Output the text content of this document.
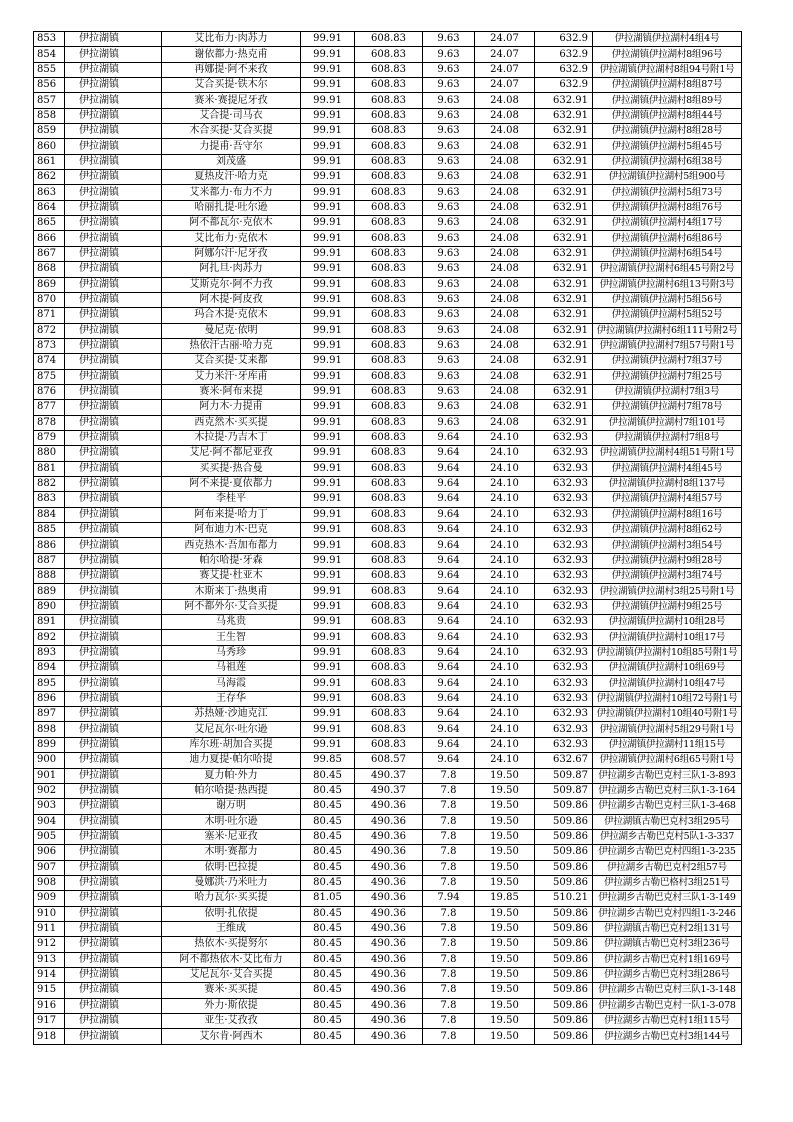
853	伊拉湖镇	艾比布力·肉苏力	99.91	608.83	9.63	24.07	632.9	伊拉湖镇伊拉湖村4组4号
854	伊拉湖镇	谢依都力·热克甫	99.91	608.83	9.63	24.07	632.9	伊拉湖镇伊拉湖村8组96号
855	伊拉湖镇	再娜提·阿不来孜	99.91	608.83	9.63	24.07	632.9	伊拉湖镇伊拉湖村8组94号附1号
856	伊拉湖镇	艾合买提·铁木尔	99.91	608.83	9.63	24.07	632.9	伊拉湖镇伊拉湖村8组87号
857	伊拉湖镇	赛米·赛提尼牙孜	99.91	608.83	9.63	24.08	632.91	伊拉湖镇伊拉湖村8组89号
858	伊拉湖镇	艾合提·司马衣	99.91	608.83	9.63	24.08	632.91	伊拉湖镇伊拉湖村8组44号
859	伊拉湖镇	木合买提·艾合买提	99.91	608.83	9.63	24.08	632.91	伊拉湖镇伊拉湖村8组28号
860	伊拉湖镇	力提甫·吾守尔	99.91	608.83	9.63	24.08	632.91	伊拉湖镇伊拉湖村5组45号
861	伊拉湖镇	刘茂盛	99.91	608.83	9.63	24.08	632.91	伊拉湖镇伊拉湖村6组38号
862	伊拉湖镇	夏热皮汗·哈力克	99.91	608.83	9.63	24.08	632.91	伊拉湖镇伊拉湖村5组900号
863	伊拉湖镇	艾米都力·布力不力	99.91	608.83	9.63	24.08	632.91	伊拉湖镇伊拉湖村5组73号
864	伊拉湖镇	哈丽扎提·吐尔逊	99.91	608.83	9.63	24.08	632.91	伊拉湖镇伊拉湖村8组76号
865	伊拉湖镇	阿不都瓦尔·克依木	99.91	608.83	9.63	24.08	632.91	伊拉湖镇伊拉湖村4组17号
866	伊拉湖镇	艾比布力·克依木	99.91	608.83	9.63	24.08	632.91	伊拉湖镇伊拉湖村6组86号
867	伊拉湖镇	阿娜尔汗·尼牙孜	99.91	608.83	9.63	24.08	632.91	伊拉湖镇伊拉湖村6组54号
868	伊拉湖镇	阿扎旦·肉苏力	99.91	608.83	9.63	24.08	632.91	伊拉湖镇伊拉湖村6组45号附2号
869	伊拉湖镇	艾斯克尔·阿不力孜	99.91	608.83	9.63	24.08	632.91	伊拉湖镇伊拉湖村6组13号附3号
870	伊拉湖镇	阿木提·阿皮孜	99.91	608.83	9.63	24.08	632.91	伊拉湖镇伊拉湖村5组56号
871	伊拉湖镇	玛合木提·克依木	99.91	608.83	9.63	24.08	632.91	伊拉湖镇伊拉湖村5组52号
872	伊拉湖镇	曼尼克·依明	99.91	608.83	9.63	24.08	632.91	伊拉湖镇伊拉湖村6组111号附2号
873	伊拉湖镇	热依汗古丽·哈力克	99.91	608.83	9.63	24.08	632.91	伊拉湖镇伊拉湖村7组57号附1号
874	伊拉湖镇	艾合买提·艾来都	99.91	608.83	9.63	24.08	632.91	伊拉湖镇伊拉湖村7组37号
875	伊拉湖镇	艾力米汗·牙库甫	99.91	608.83	9.63	24.08	632.91	伊拉湖镇伊拉湖村7组25号
876	伊拉湖镇	赛米·阿布来提	99.91	608.83	9.63	24.08	632.91	伊拉湖镇伊拉湖村7组3号
877	伊拉湖镇	阿力木·力提甫	99.91	608.83	9.63	24.08	632.91	伊拉湖镇伊拉湖村7组78号
878	伊拉湖镇	西克然木·买买提	99.91	608.83	9.63	24.08	632.91	伊拉湖镇伊拉湖村7组101号
879	伊拉湖镇	木拉提·乃吉木丁	99.91	608.83	9.64	24.10	632.93	伊拉湖镇伊拉湖村7组8号
880	伊拉湖镇	艾尼·阿不都尼亚孜	99.91	608.83	9.64	24.10	632.93	伊拉湖镇伊拉湖村4组51号附1号
881	伊拉湖镇	买买提·热合曼	99.91	608.83	9.64	24.10	632.93	伊拉湖镇伊拉湖村4组45号
882	伊拉湖镇	阿不来提·夏依都力	99.91	608.83	9.64	24.10	632.93	伊拉湖镇伊拉湖村8组137号
883	伊拉湖镇	李桂平	99.91	608.83	9.64	24.10	632.93	伊拉湖镇伊拉湖村4组57号
884	伊拉湖镇	阿布来提·哈力丁	99.91	608.83	9.64	24.10	632.93	伊拉湖镇伊拉湖村8组16号
885	伊拉湖镇	阿布迪力木·巴克	99.91	608.83	9.64	24.10	632.93	伊拉湖镇伊拉湖村8组62号
886	伊拉湖镇	西克热木·吾加布都力	99.91	608.83	9.64	24.10	632.93	伊拉湖镇伊拉湖村3组54号
887	伊拉湖镇	帕尔哈提·牙森	99.91	608.83	9.64	24.10	632.93	伊拉湖镇伊拉湖村9组28号
888	伊拉湖镇	赛艾提·杜亚木	99.91	608.83	9.64	24.10	632.93	伊拉湖镇伊拉湖村3组74号
889	伊拉湖镇	木斯来丁·热奥甫	99.91	608.83	9.64	24.10	632.93	伊拉湖镇伊拉湖村3组25号附1号
890	伊拉湖镇	阿不都外尔·艾合买提	99.91	608.83	9.64	24.10	632.93	伊拉湖镇伊拉湖村9组25号
891	伊拉湖镇	马兆贵	99.91	608.83	9.64	24.10	632.93	伊拉湖镇伊拉湖村10组28号
892	伊拉湖镇	王生智	99.91	608.83	9.64	24.10	632.93	伊拉湖镇伊拉湖村10组17号
893	伊拉湖镇	马秀珍	99.91	608.83	9.64	24.10	632.93	伊拉湖镇伊拉湖村10组85号附1号
894	伊拉湖镇	马祖莲	99.91	608.83	9.64	24.10	632.93	伊拉湖镇伊拉湖村10组69号
895	伊拉湖镇	马海霞	99.91	608.83	9.64	24.10	632.93	伊拉湖镇伊拉湖村10组47号
896	伊拉湖镇	王存华	99.91	608.83	9.64	24.10	632.93	伊拉湖镇伊拉湖村10组72号附1号
897	伊拉湖镇	苏热娅·沙迪克江	99.91	608.83	9.64	24.10	632.93	伊拉湖镇伊拉湖村10组40号附1号
898	伊拉湖镇	艾尼瓦尔·吐尔逊	99.91	608.83	9.64	24.10	632.93	伊拉湖镇伊拉湖村5组29号附1号
899	伊拉湖镇	库尔班·胡加合买提	99.91	608.83	9.64	24.10	632.93	伊拉湖镇伊拉湖村11组15号
900	伊拉湖镇	迪力夏提·帕尔哈提	99.85	608.57	9.64	24.10	632.67	伊拉湖镇伊拉湖村6组65号附1号
901	伊拉湖镇	夏力帕·外力	80.45	490.37	7.8	19.50	509.87	伊拉湖乡古勒巴克村三队1-3-893
902	伊拉湖镇	帕尔哈提·热西提	80.45	490.37	7.8	19.50	509.87	伊拉湖乡古勒巴克村三队1-3-164
903	伊拉湖镇	谢万明	80.45	490.36	7.8	19.50	509.86	伊拉湖乡古勒巴克村三队1-3-468
904	伊拉湖镇	木明·吐尔逊	80.45	490.36	7.8	19.50	509.86	伊拉湖镇古勒巴克村3组295号
905	伊拉湖镇	塞米·尼亚孜	80.45	490.36	7.8	19.50	509.86	伊拉湖乡古勒巴克村5队1-3-337
906	伊拉湖镇	木明·赛都力	80.45	490.36	7.8	19.50	509.86	伊拉湖乡古勒巴克村四组1-3-235
907	伊拉湖镇	依明·巴拉提	80.45	490.36	7.8	19.50	509.86	伊拉湖乡古勒巴克村2组57号
908	伊拉湖镇	曼娜洪·乃米吐力	80.45	490.36	7.8	19.50	509.86	伊拉湖乡古勒巴格村3组251号
909	伊拉湖镇	哈力瓦尔·买买提	81.05	490.36	7.94	19.85	510.21	伊拉湖乡古勒巴克村三队1-3-149
910	伊拉湖镇	依明·扎依提	80.45	490.36	7.8	19.50	509.86	伊拉湖乡古勒巴克村四组1-3-246
911	伊拉湖镇	王维成	80.45	490.36	7.8	19.50	509.86	伊拉湖镇古勒巴克村2组131号
912	伊拉湖镇	热依木·买提努尔	80.45	490.36	7.8	19.50	509.86	伊拉湖镇古勒巴克村3组236号
913	伊拉湖镇	阿不都热依木·艾比布力	80.45	490.36	7.8	19.50	509.86	伊拉湖乡古勒巴克村1组169号
914	伊拉湖镇	艾尼瓦尔·艾合买提	80.45	490.36	7.8	19.50	509.86	伊拉湖乡古勒巴克村3组286号
915	伊拉湖镇	赛米·买买提	80.45	490.36	7.8	19.50	509.86	伊拉湖乡古勒巴克村三队1-3-148
916	伊拉湖镇	外力·斯依提	80.45	490.36	7.8	19.50	509.86	伊拉湖乡古勒巴克村一队1-3-078
917	伊拉湖镇	亚生·艾孜孜	80.45	490.36	7.8	19.50	509.86	伊拉湖乡古勒巴克村1组115号
918	伊拉湖镇	艾尔肯·阿西木	80.45	490.36	7.8	19.50	509.86	伊拉湖乡古勒巴克村3组144号
